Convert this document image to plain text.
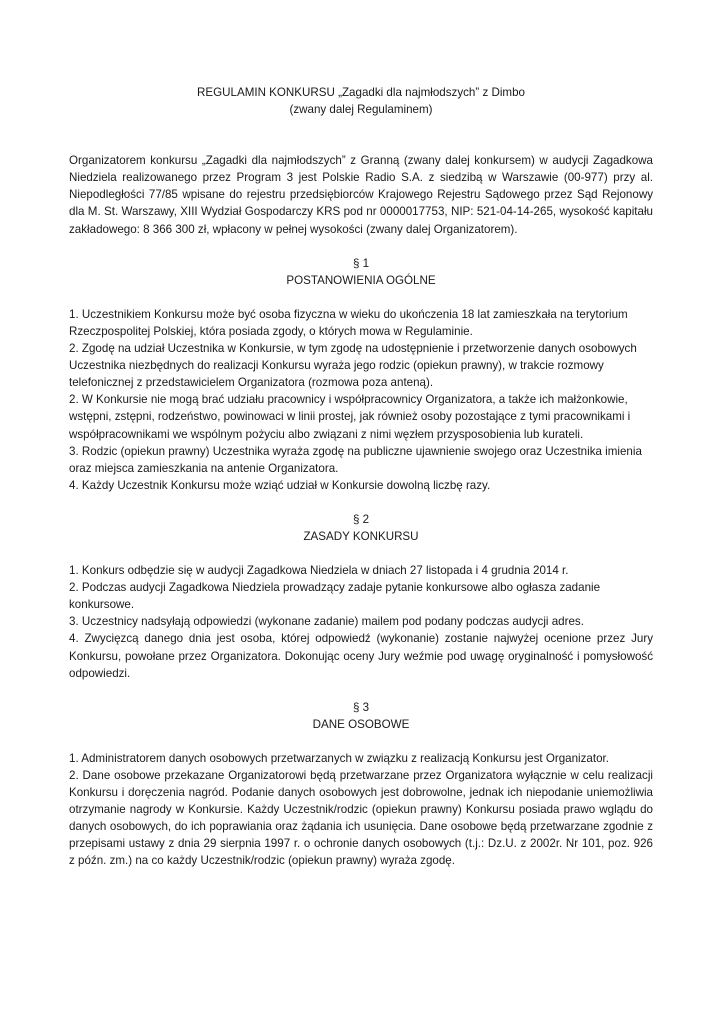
REGULAMIN KONKURSU „Zagadki dla najmłodszych” z Dimbo

(zwany dalej Regulaminem)

Organizatorem konkursu „Zagadki dla najmłodszych” z Granną (zwany dalej konkursem) w audycji Zagadkowa Niedziela realizowanego przez Program 3 jest Polskie Radio S.A. z siedzibą w Warszawie (00-977) przy al. Niepodległości 77/85 wpisane do rejestru przedsiębiorców Krajowego Rejestru Sądowego przez Sąd Rejonowy dla M. St. Warszawy, XIII Wydział Gospodarczy KRS pod nr 0000017753, NIP: 521-04-14-265, wysokość kapitału zakładowego: 8 366 300 zł, wpłacony w pełnej wysokości (zwany dalej Organizatorem).

§ 1

POSTANOWIENIA OGÓLNE

1. Uczestnikiem Konkursu może być osoba fizyczna w wieku do ukończenia 18 lat zamieszkała na terytorium Rzeczpospolitej Polskiej, która posiada zgody, o których mowa w Regulaminie.

2. Zgodę na udział Uczestnika w Konkursie, w tym zgodę na udostępnienie i przetworzenie danych osobowych Uczestnika niezbędnych do realizacji Konkursu wyraża jego rodzic (opiekun prawny), w trakcie rozmowy telefonicznej z przedstawicielem Organizatora (rozmowa poza anteną).

2. W Konkursie nie mogą brać udziału pracownicy i współpracownicy Organizatora, a także ich małżonkowie, wstępni, zstępni, rodzeństwo, powinowaci w linii prostej, jak również osoby pozostające z tymi pracownikami i współpracownikami we wspólnym pożyciu albo związani z nimi węzłem przysposobienia lub kurateli.

3. Rodzic (opiekun prawny) Uczestnika wyraża zgodę na publiczne ujawnienie swojego oraz Uczestnika imienia oraz miejsca zamieszkania na antenie Organizatora.

4. Każdy Uczestnik Konkursu może wziąć udział w Konkursie dowolną liczbę razy.

§ 2

ZASADY KONKURSU

1. Konkurs odbędzie się w audycji Zagadkowa Niedziela w dniach 27 listopada i 4 grudnia 2014 r.

2. Podczas audycji Zagadkowa Niedziela prowadzący zadaje pytanie konkursowe albo ogłasza zadanie konkursowe.

3. Uczestnicy nadsyłają odpowiedzi (wykonane zadanie) mailem pod podany podczas audycji adres.

4. Zwycięzcą danego dnia jest osoba, której odpowiedź (wykonanie) zostanie najwyżej ocenione przez Jury Konkursu, powołane przez Organizatora. Dokonując oceny Jury weźmie pod uwagę oryginalność i pomysłowość odpowiedzi.

§ 3

DANE OSOBOWE

1. Administratorem danych osobowych przetwarzanych w związku z realizacją Konkursu jest Organizator.

2. Dane osobowe przekazane Organizatorowi będą przetwarzane przez Organizatora wyłącznie w celu realizacji Konkursu i doręczenia nagród. Podanie danych osobowych jest dobrowolne, jednak ich niepodanie uniemożliwia otrzymanie nagrody w Konkursie. Każdy Uczestnik/rodzic (opiekun prawny) Konkursu posiada prawo wglądu do danych osobowych, do ich poprawiania oraz żądania ich usunięcia. Dane osobowe będą przetwarzane zgodnie z przepisami ustawy z dnia 29 sierpnia 1997 r. o ochronie danych osobowych (t.j.: Dz.U. z 2002r. Nr 101, poz. 926 z późn. zm.) na co każdy Uczestnik/rodzic (opiekun prawny) wyraża zgodę.
